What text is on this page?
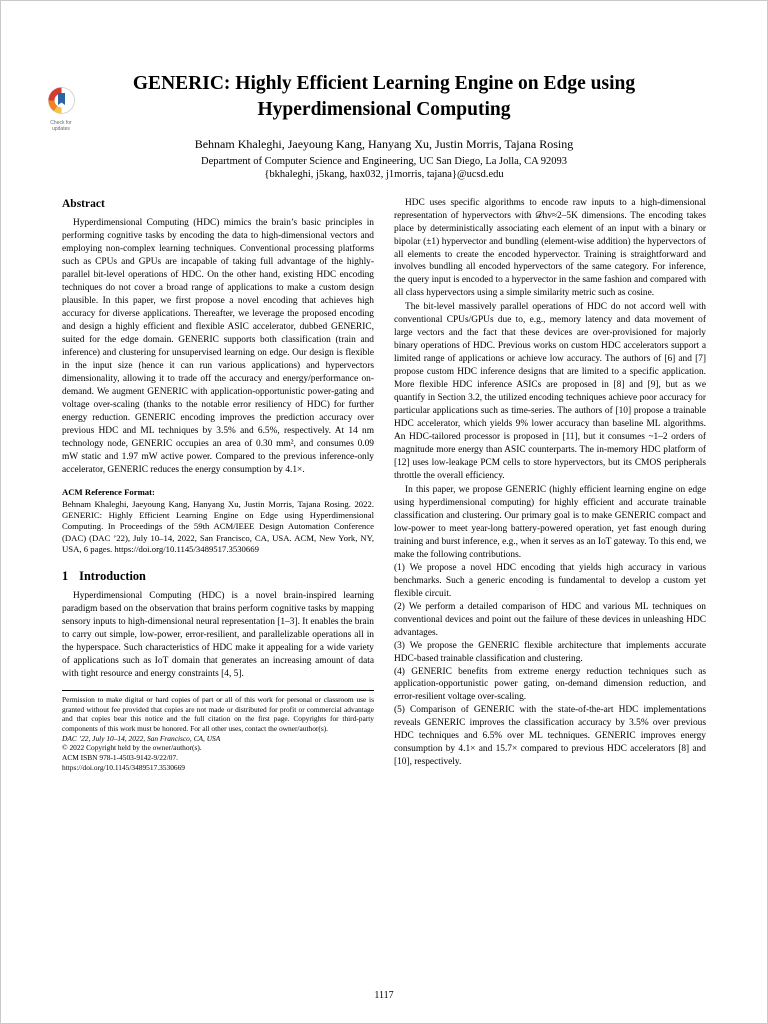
Check for
updates
GENERIC: Highly Efficient Learning Engine on Edge using Hyperdimensional Computing
Behnam Khaleghi, Jaeyoung Kang, Hanyang Xu, Justin Morris, Tajana Rosing
Department of Computer Science and Engineering, UC San Diego, La Jolla, CA 92093
{bkhaleghi, j5kang, hax032, j1morris, tajana}@ucsd.edu
Abstract

Hyperdimensional Computing (HDC) mimics the brain’s basic principles in performing cognitive tasks by encoding the data to high-dimensional vectors and employing non-complex learning techniques. Conventional processing platforms such as CPUs and GPUs are incapable of taking full advantage of the highly-parallel bit-level operations of HDC. On the other hand, existing HDC encoding techniques do not cover a broad range of applications to make a custom design plausible. In this paper, we first propose a novel encoding that achieves high accuracy for diverse applications. Thereafter, we leverage the proposed encoding and design a highly efficient and flexible ASIC accelerator, dubbed GENERIC, suited for the edge domain. GENERIC supports both classification (train and inference) and clustering for unsupervised learning on edge. Our design is flexible in the input size (hence it can run various applications) and hypervectors dimensionality, allowing it to trade off the accuracy and energy/performance on-demand. We augment GENERIC with application-opportunistic power-gating and voltage over-scaling (thanks to the notable error resiliency of HDC) for further energy reduction. GENERIC encoding improves the prediction accuracy over previous HDC and ML techniques by 3.5% and 6.5%, respectively. At 14 nm technology node, GENERIC occupies an area of 0.30 mm², and consumes 0.09 mW static and 1.97 mW active power. Compared to the previous inference-only accelerator, GENERIC reduces the energy consumption by 4.1×.

ACM Reference Format:

Behnam Khaleghi, Jaeyoung Kang, Hanyang Xu, Justin Morris, Tajana Rosing. 2022. GENERIC: Highly Efficient Learning Engine on Edge using Hyperdimensional Computing. In Proceedings of the 59th ACM/IEEE Design Automation Conference (DAC) (DAC ’22), July 10–14, 2022, San Francisco, CA, USA. ACM, New York, NY, USA, 6 pages. https://doi.org/10.1145/3489517.3530669

1 Introduction

Hyperdimensional Computing (HDC) is a novel brain-inspired learning paradigm based on the observation that brains perform cognitive tasks by mapping sensory inputs to high-dimensional neural representation [1–3]. It enables the brain to carry out simple, low-power, error-resilient, and parallelizable operations all in the hyperspace. Such characteristics of HDC make it appealing for a wide variety of applications such as IoT domain that generates an increasing amount of data with tight resource and energy constraints [4, 5].

Permission to make digital or hard copies of part or all of this work for personal or classroom use is granted without fee provided that copies are not made or distributed for profit or commercial advantage and that copies bear this notice and the full citation on the first page. Copyrights for third-party components of this work must be honored. For all other uses, contact the owner/author(s).

DAC ’22, July 10–14, 2022, San Francisco, CA, USA
© 2022 Copyright held by the owner/author(s).
ACM ISBN 978-1-4503-9142-9/22/07.
https://doi.org/10.1145/3489517.3530669

HDC uses specific algorithms to encode raw inputs to a high-dimensional representation of hypervectors with 𝒟hv≈2–5K dimensions. The encoding takes place by deterministically associating each element of an input with a binary or bipolar (±1) hypervector and bundling (element-wise addition) the hypervectors of all elements to create the encoded hypervector. Training is straightforward and involves bundling all encoded hypervectors of the same category. For inference, the query input is encoded to a hypervector in the same fashion and compared with all class hypervectors using a simple similarity metric such as cosine.

The bit-level massively parallel operations of HDC do not accord well with conventional CPUs/GPUs due to, e.g., memory latency and data movement of large vectors and the fact that these devices are over-provisioned for majorly binary operations of HDC. Previous works on custom HDC accelerators support a limited range of applications or achieve low accuracy. The authors of [6] and [7] propose custom HDC inference designs that are limited to a specific application. More flexible HDC inference ASICs are proposed in [8] and [9], but as we quantify in Section 3.2, the utilized encoding techniques achieve poor accuracy for particular applications such as time-series. The authors of [10] propose a trainable HDC accelerator, which yields 9% lower accuracy than baseline ML algorithms. An HDC-tailored processor is proposed in [11], but it consumes ~1–2 orders of magnitude more energy than ASIC counterparts. The in-memory HDC platform of [12] uses low-leakage PCM cells to store hypervectors, but its CMOS peripherals throttle the overall efficiency.

In this paper, we propose GENERIC (highly efficient learning engine on edge using hyperdimensional computing) for highly efficient and accurate trainable classification and clustering. Our primary goal is to make GENERIC compact and low-power to meet year-long battery-powered operation, yet fast enough during training and burst inference, e.g., when it serves as an IoT gateway. To this end, we make the following contributions.

(1) We propose a novel HDC encoding that yields high accuracy in various benchmarks. Such a generic encoding is fundamental to develop a custom yet flexible circuit.

(2) We perform a detailed comparison of HDC and various ML techniques on conventional devices and point out the failure of these devices in unleashing HDC advantages.

(3) We propose the GENERIC flexible architecture that implements accurate HDC-based trainable classification and clustering.

(4) GENERIC benefits from extreme energy reduction techniques such as application-opportunistic power gating, on-demand dimension reduction, and error-resilient voltage over-scaling.

(5) Comparison of GENERIC with the state-of-the-art HDC implementations reveals GENERIC improves the classification accuracy by 3.5% over previous HDC techniques and 6.5% over ML techniques. GENERIC improves energy consumption by 4.1× and 15.7× compared to previous HDC accelerators [8] and [10], respectively.

1117
